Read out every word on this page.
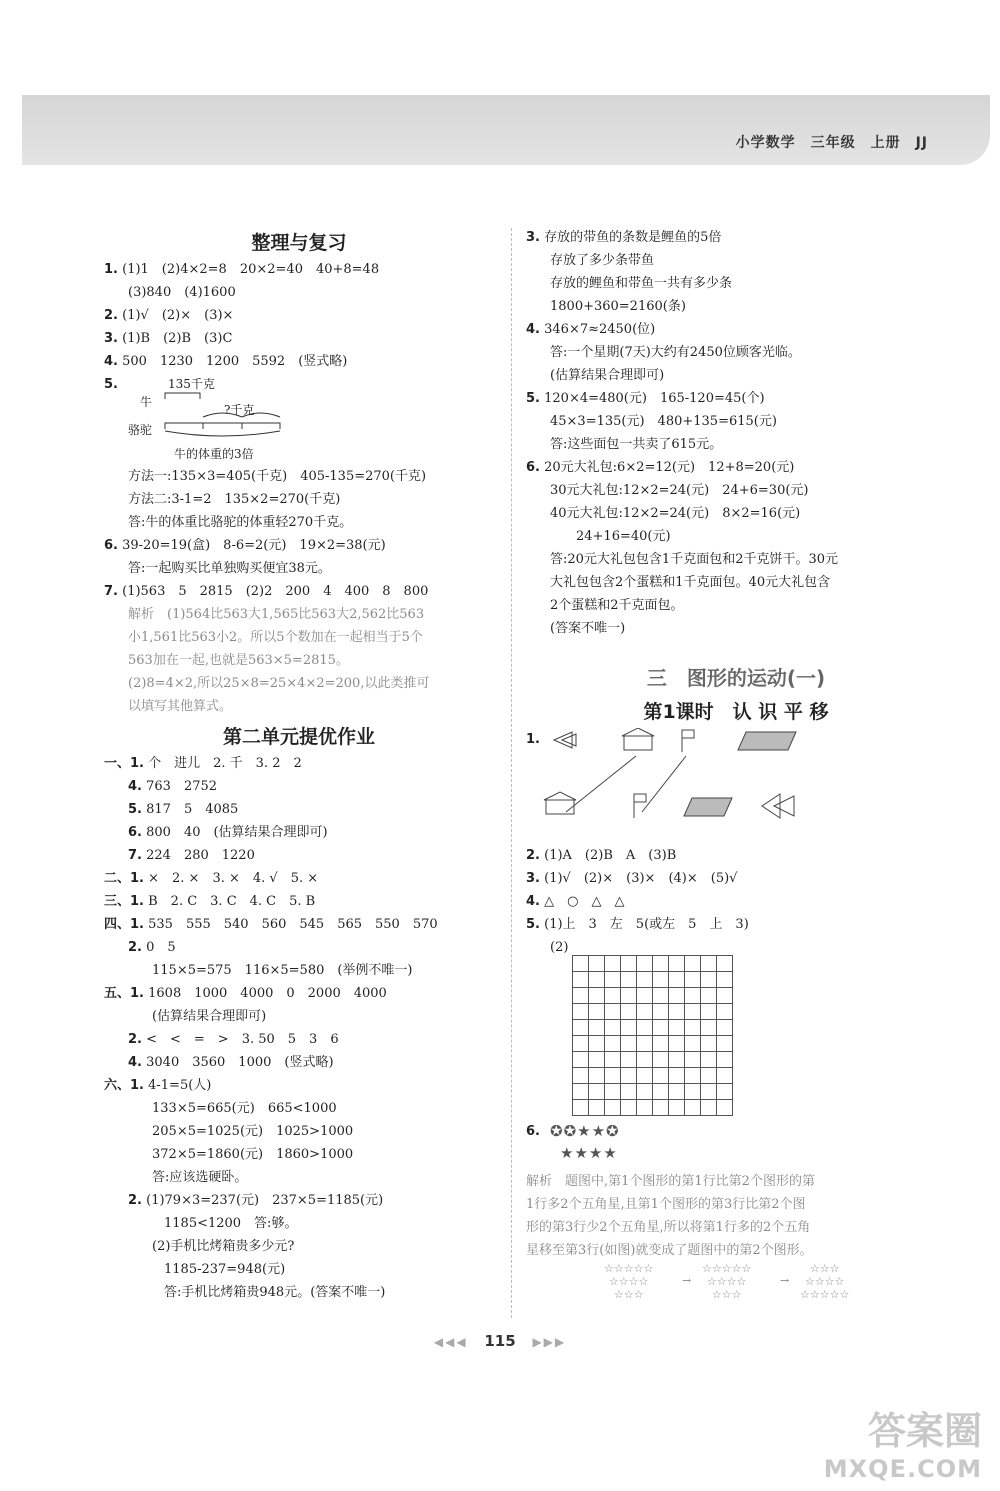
小学数学　三年级　上册　JJ
整理与复习
1. (1)1　(2)4×2=8　20×2=40　40+8=48
(3)840　(4)1600
2. (1)√　(2)×　(3)×
3. (1)B　(2)B　(3)C
4. 500　1230　1200　5592　(竖式略)
5.	135千克
牛
?千克
骆驼
牛的体重的3倍
方法一:135×3=405(千克)　405-135=270(千克)
方法二:3-1=2　135×2=270(千克)
答:牛的体重比骆驼的体重轻270千克。
6. 39-20=19(盒)　8-6=2(元)　19×2=38(元)
答:一起购买比单独购买便宜38元。
7. (1)563　5　2815　(2)2　200　4　400　8　800
解析　(1)564比563大1,565比563大2,562比563
小1,561比563小2。所以5个数加在一起相当于5个
563加在一起,也就是563×5=2815。
(2)8=4×2,所以25×8=25×4×2=200,以此类推可
以填写其他算式。
第二单元提优作业
一、1. 个　进儿　2. 千　3. 2　2
4. 763　2752
5. 817　5　4085
6. 800　40　(估算结果合理即可)
7. 224　280　1220
二、1. ×　2. ×　3. ×　4. √　5. ×
三、1. B　2. C　3. C　4. C　5. B
四、1. 535　555　540　560　545　565　550　570
2. 0　5
115×5=575　116×5=580　(举例不唯一)
五、1. 1608　1000　4000　0　2000　4000
(估算结果合理即可)
2. <　<　=　>　3. 50　5　3　6
4. 3040　3560　1000　(竖式略)
六、1. 4-1=5(人)
133×5=665(元)　665<1000
205×5=1025(元)　1025>1000
372×5=1860(元)　1860>1000
答:应该选硬卧。
2. (1)79×3=237(元)　237×5=1185(元)
1185<1200　答:够。
(2)手机比烤箱贵多少元?
1185-237=948(元)
答:手机比烤箱贵948元。(答案不唯一)
3. 存放的带鱼的条数是鲤鱼的5倍
存放了多少条带鱼
存放的鲤鱼和带鱼一共有多少条
1800+360=2160(条)
4. 346×7≈2450(位)
答:一个星期(7天)大约有2450位顾客光临。
(估算结果合理即可)
5. 120×4=480(元)　165-120=45(个)
45×3=135(元)　480+135=615(元)
答:这些面包一共卖了615元。
6. 20元大礼包:6×2=12(元)　12+8=20(元)
30元大礼包:12×2=24(元)　24+6=30(元)
40元大礼包:12×2=24(元)　8×2=16(元)
　　24+16=40(元)
答:20元大礼包包含1千克面包和2千克饼干。30元
大礼包包含2个蛋糕和1千克面包。40元大礼包含
2个蛋糕和2千克面包。
(答案不唯一)
三　图形的运动(一)
第1课时　认 识 平 移
1.
2. (1)A　(2)B　A　(3)B
3. (1)√　(2)×　(3)×　(4)×　(5)√
4. △　○　△　△
5. (1)上　3　左　5(或左　5　上　3)
(2)
6. ✪✪★★✪
★★★★
解析　题图中,第1个图形的第1行比第2个图形的第
1行多2个五角星,且第1个图形的第3行比第2个图
形的第3行少2个五角星,所以将第1行多的2个五角
星移至第3行(如图)就变成了题图中的第2个图形。
☆☆☆☆☆
☆☆☆☆
☆☆☆
→
☆☆☆☆☆
☆☆☆☆
☆☆☆
→
☆☆☆
☆☆☆☆
☆☆☆☆☆
◀◀◀ 115 ▶▶▶
答案圈
MXQE.COM
